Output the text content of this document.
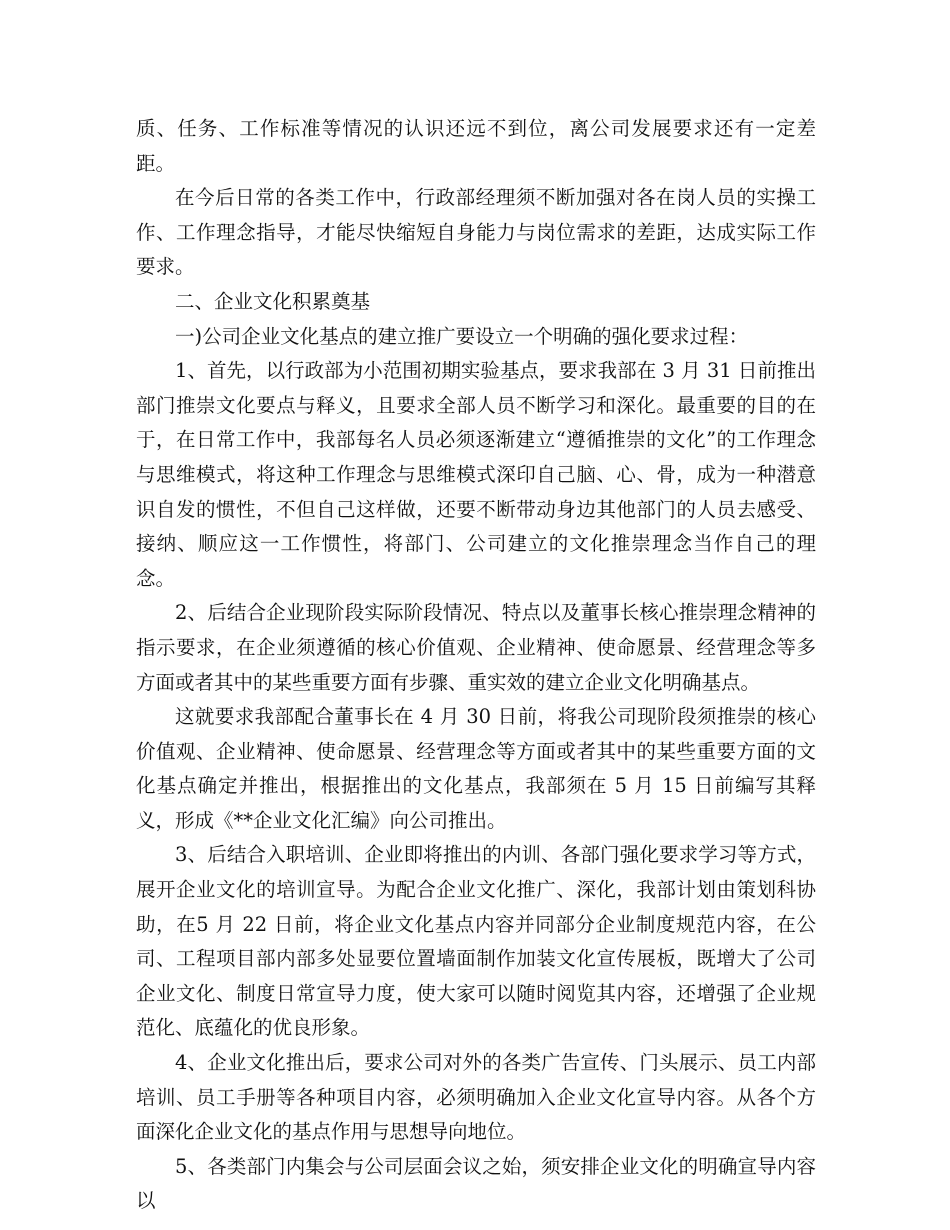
质、任务、工作标准等情况的认识还远不到位，离公司发展要求还有一定差距。

在今后日常的各类工作中，行政部经理须不断加强对各在岗人员的实操工作、工作理念指导，才能尽快缩短自身能力与岗位需求的差距，达成实际工作要求。

二、企业文化积累奠基

一)公司企业文化基点的建立推广要设立一个明确的强化要求过程：

1、首先，以行政部为小范围初期实验基点，要求我部在 3 月 31 日前推出部门推崇文化要点与释义，且要求全部人员不断学习和深化。最重要的目的在于，在日常工作中，我部每名人员必须逐渐建立“遵循推崇的文化”的工作理念与思维模式，将这种工作理念与思维模式深印自己脑、心、骨，成为一种潜意识自发的惯性，不但自己这样做，还要不断带动身边其他部门的人员去感受、接纳、顺应这一工作惯性，将部门、公司建立的文化推崇理念当作自己的理念。

2、后结合企业现阶段实际阶段情况、特点以及董事长核心推崇理念精神的指示要求，在企业须遵循的核心价值观、企业精神、使命愿景、经营理念等多方面或者其中的某些重要方面有步骤、重实效的建立企业文化明确基点。

这就要求我部配合董事长在 4 月 30 日前，将我公司现阶段须推崇的核心价值观、企业精神、使命愿景、经营理念等方面或者其中的某些重要方面的文化基点确定并推出，根据推出的文化基点，我部须在 5 月 15 日前编写其释义，形成《**企业文化汇编》向公司推出。

3、后结合入职培训、企业即将推出的内训、各部门强化要求学习等方式，展开企业文化的培训宣导。为配合企业文化推广、深化，我部计划由策划科协助，在5 月 22 日前，将企业文化基点内容并同部分企业制度规范内容，在公司、工程项目部内部多处显要位置墙面制作加装文化宣传展板，既增大了公司企业文化、制度日常宣导力度，使大家可以随时阅览其内容，还增强了企业规范化、底蕴化的优良形象。

4、企业文化推出后，要求公司对外的各类广告宣传、门头展示、员工内部培训、员工手册等各种项目内容，必须明确加入企业文化宣导内容。从各个方面深化企业文化的基点作用与思想导向地位。

5、各类部门内集会与公司层面会议之始，须安排企业文化的明确宣导内容以
